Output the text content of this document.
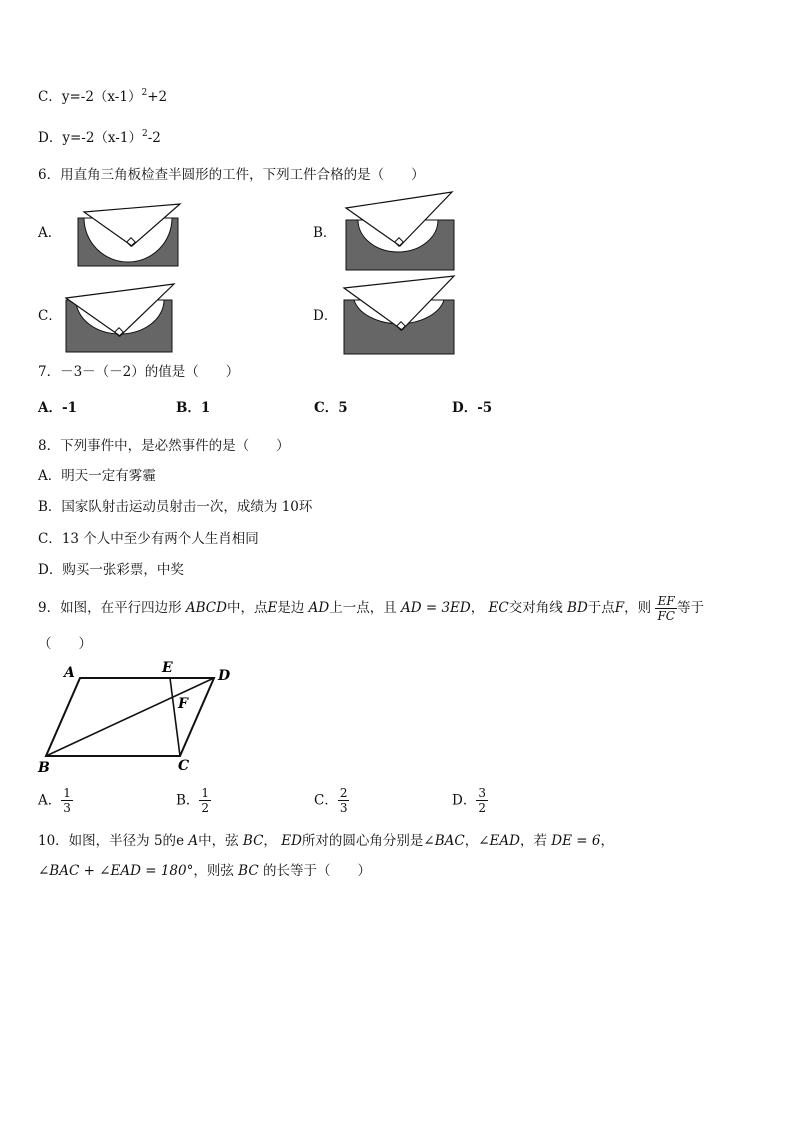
C．$y=-2(x-1)^2+2$
D．$y=-2(x-1)^2-2$
6．用直角三角板检查半圆形的工件，下列工件合格的是（　　）
A．	B．
C．	D．
7．－3－（－2）的值是（　　）
A．-1	B．1	C．5	D．-5
8．下列事件中，是必然事件的是（　　）
A．明天一定有雾霾
B．国家队射击运动员射击一次，成绩为 10环
C．13 个人中至少有两个人生肖相同
D．购买一张彩票，中奖
9．如图，在平行四边形 ABCD中，点E是边 AD上一点，且 AD = 3ED， EC交对角线 BD于点F，则 $\frac{EF}{FC}$ 等于
（　　）
A	E	D
F
B	C
A． $\frac{1}{3}$	B． $\frac{1}{2}$	C． $\frac{2}{3}$	D． $\frac{3}{2}$
10．如图，半径为 5的e A中，弦 BC， ED所对的圆心角分别是∠BAC，∠EAD，若 DE = 6，
∠BAC + ∠EAD = 180°，则弦 BC 的长等于（　　）
